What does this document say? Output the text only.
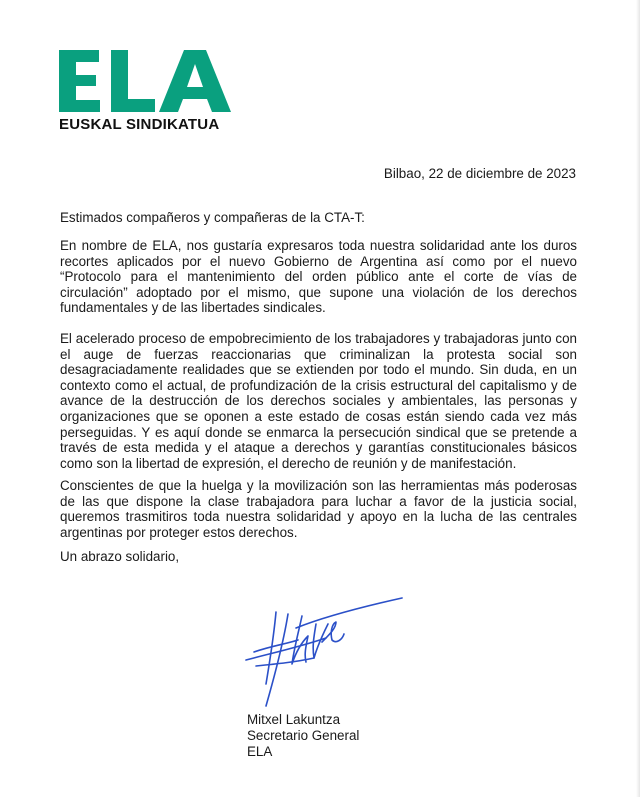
EUSKAL SINDIKATUA
Bilbao, 22 de diciembre de 2023
Estimados compañeros y compañeras de la CTA-T:

En nombre de ELA, nos gustaría expresaros toda nuestra solidaridad ante los duros recortes aplicados por el nuevo Gobierno de Argentina así como por el nuevo “Protocolo para el mantenimiento del orden público ante el corte de vías de circulación” adoptado por el mismo, que supone una violación de los derechos fundamentales y de las libertades sindicales.

El acelerado proceso de empobrecimiento de los trabajadores y trabajadoras junto con el auge de fuerzas reaccionarias que criminalizan la protesta social son desagraciadamente realidades que se extienden por todo el mundo. Sin duda, en un contexto como el actual, de profundización de la crisis estructural del capitalismo y de avance de la destrucción de los derechos sociales y ambientales, las personas y organizaciones que se oponen a este estado de cosas están siendo cada vez más perseguidas. Y es aquí donde se enmarca la persecución sindical que se pretende a través de esta medida y el ataque a derechos y garantías constitucionales básicos como son la libertad de expresión, el derecho de reunión y de manifestación.

Conscientes de que la huelga y la movilización son las herramientas más poderosas de las que dispone la clase trabajadora para luchar a favor de la justicia social, queremos trasmitiros toda nuestra solidaridad y apoyo en la lucha de las centrales argentinas por proteger estos derechos.

Un abrazo solidario,
Mitxel Lakuntza
Secretario General
ELA
